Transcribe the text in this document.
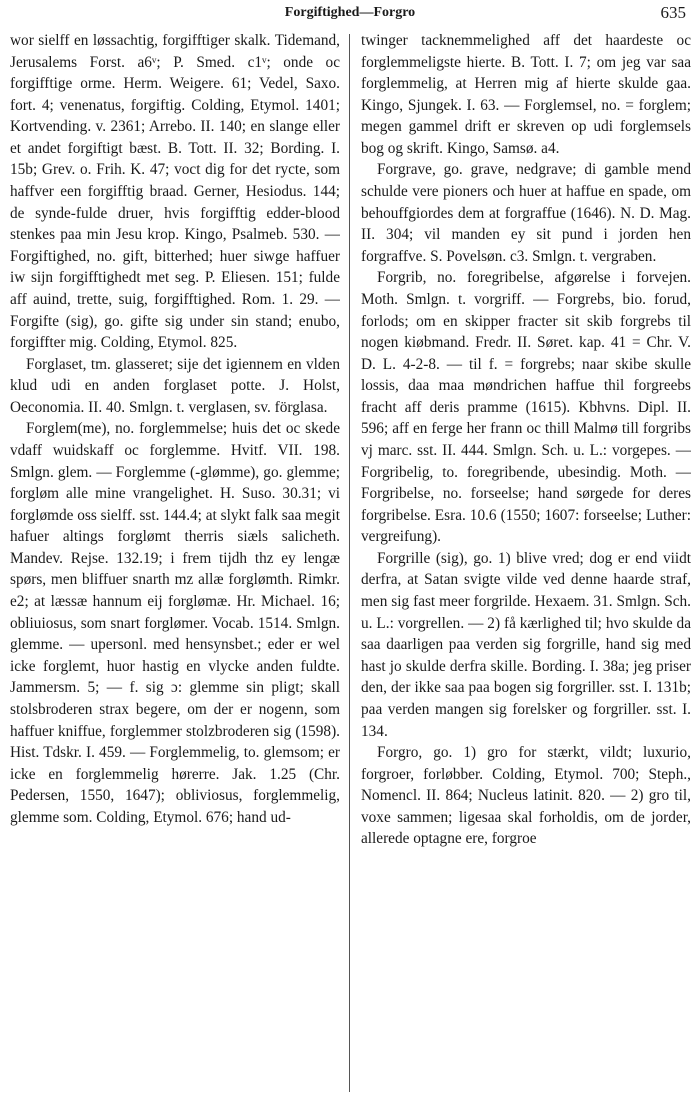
Forgiftighed—Forgro	635

wor sielff en løssachtig, forgifftiger skalk. Tidemand, Jerusalems Forst. a6ᵛ; P. Smed. c1ᵛ; onde oc forgifftige orme. Herm. Weigere. 61; Vedel, Saxo. fort. 4; venenatus, forgiftig. Colding, Etymol. 1401; Kortvending. v. 2361; Arrebo. II. 140; en slange eller et andet forgiftigt bæst. B. Tott. II. 32; Bording. I. 15b; Grev. o. Frih. K. 47; voct dig for det rycte, som haffver een forgifftig braad. Gerner, Hesiodus. 144; de synde-fulde druer, hvis forgifftig edder-blood stenkes paa min Jesu krop. Kingo, Psalmeb. 530. — Forgiftighed, no. gift, bitterhed; huer siwge haffuer iw sijn forgifftighedt met seg. P. Eliesen. 151; fulde aff auind, trette, suig, forgifftighed. Rom. 1. 29. — Forgifte (sig), go. gifte sig under sin stand; enubo, forgiffter mig. Colding, Etymol. 825.

Forglaset, tm. glasseret; sije det igiennem en vlden klud udi en anden forglaset potte. J. Holst, Oeconomia. II. 40. Smlgn. t. verglasen, sv. förglasa.

Forglem(me), no. forglemmelse; huis det oc skede vdaff wuidskaff oc forglemme. Hvitf. VII. 198. Smlgn. glem. — Forglemme (-glømme), go. glemme; forgløm alle mine vrangelighet. H. Suso. 30.31; vi forglømde oss sielff. sst. 144.4; at slykt falk saa megit hafuer altings forglømt therris siæls salicheth. Mandev. Rejse. 132.19; i frem tijdh thz ey lengæ spørs, men bliffuer snarth mz allæ forglømth. Rimkr. e2; at læssæ hannum eij forglømæ. Hr. Michael. 16; obliuiosus, som snart forglømer. Vocab. 1514. Smlgn. glemme. — upersonl. med hensynsbet.; eder er wel icke forglemt, huor hastig en vlycke anden fuldte. Jammersm. 5; — f. sig ɔ: glemme sin pligt; skall stolsbroderen strax begere, om der er nogenn, som haffuer kniffue, forglemmer stolzbroderen sig (1598). Hist. Tdskr. I. 459. — Forglemmelig, to. glemsom; er icke en forglemmelig hørerre. Jak. 1.25 (Chr. Pedersen, 1550, 1647); obliviosus, forglemmelig, glemme som. Colding, Etymol. 676; hand ud-

twinger tacknemmelighed aff det haardeste oc forglemmeligste hierte. B. Tott. I. 7; om jeg var saa forglemmelig, at Herren mig af hierte skulde gaa. Kingo, Sjungek. I. 63. — Forglemsel, no. = forglem; megen gammel drift er skreven op udi forglemsels bog og skrift. Kingo, Samsø. a4.

Forgrave, go. grave, nedgrave; di gamble mend schulde vere pioners och huer at haffue en spade, om behouffgiordes dem at forgraffue (1646). N. D. Mag. II. 304; vil manden ey sit pund i jorden hen forgraffve. S. Povelsøn. c3. Smlgn. t. vergraben.

Forgrib, no. foregribelse, afgørelse i forvejen. Moth. Smlgn. t. vorgriff. — Forgrebs, bio. forud, forlods; om en skipper fracter sit skib forgrebs til nogen kiøbmand. Fredr. II. Søret. kap. 41 = Chr. V. D. L. 4-2-8. — til f. = forgrebs; naar skibe skulle lossis, daa maa møndrichen haffue thil forgreebs fracht aff deris pramme (1615). Kbhvns. Dipl. II. 596; aff en ferge her frann oc thill Malmø till forgribs vj marc. sst. II. 444. Smlgn. Sch. u. L.: vorgepes. — Forgribelig, to. foregribende, ubesindig. Moth. — Forgribelse, no. forseelse; hand sørgede for deres forgribelse. Esra. 10.6 (1550; 1607: forseelse; Luther: vergreifung).

Forgrille (sig), go. 1) blive vred; dog er end viidt derfra, at Satan svigte vilde ved denne haarde straf, men sig fast meer forgrilde. Hexaem. 31. Smlgn. Sch. u. L.: vorgrellen. — 2) få kærlighed til; hvo skulde da saa daarligen paa verden sig forgrille, hand sig med hast jo skulde derfra skille. Bording. I. 38a; jeg priser den, der ikke saa paa bogen sig forgriller. sst. I. 131b; paa verden mangen sig forelsker og forgriller. sst. I. 134.

Forgro, go. 1) gro for stærkt, vildt; luxurio, forgroer, forløbber. Colding, Etymol. 700; Steph., Nomencl. II. 864; Nucleus latinit. 820. — 2) gro til, voxe sammen; ligesaa skal forholdis, om de jorder, allerede optagne ere, forgroe
